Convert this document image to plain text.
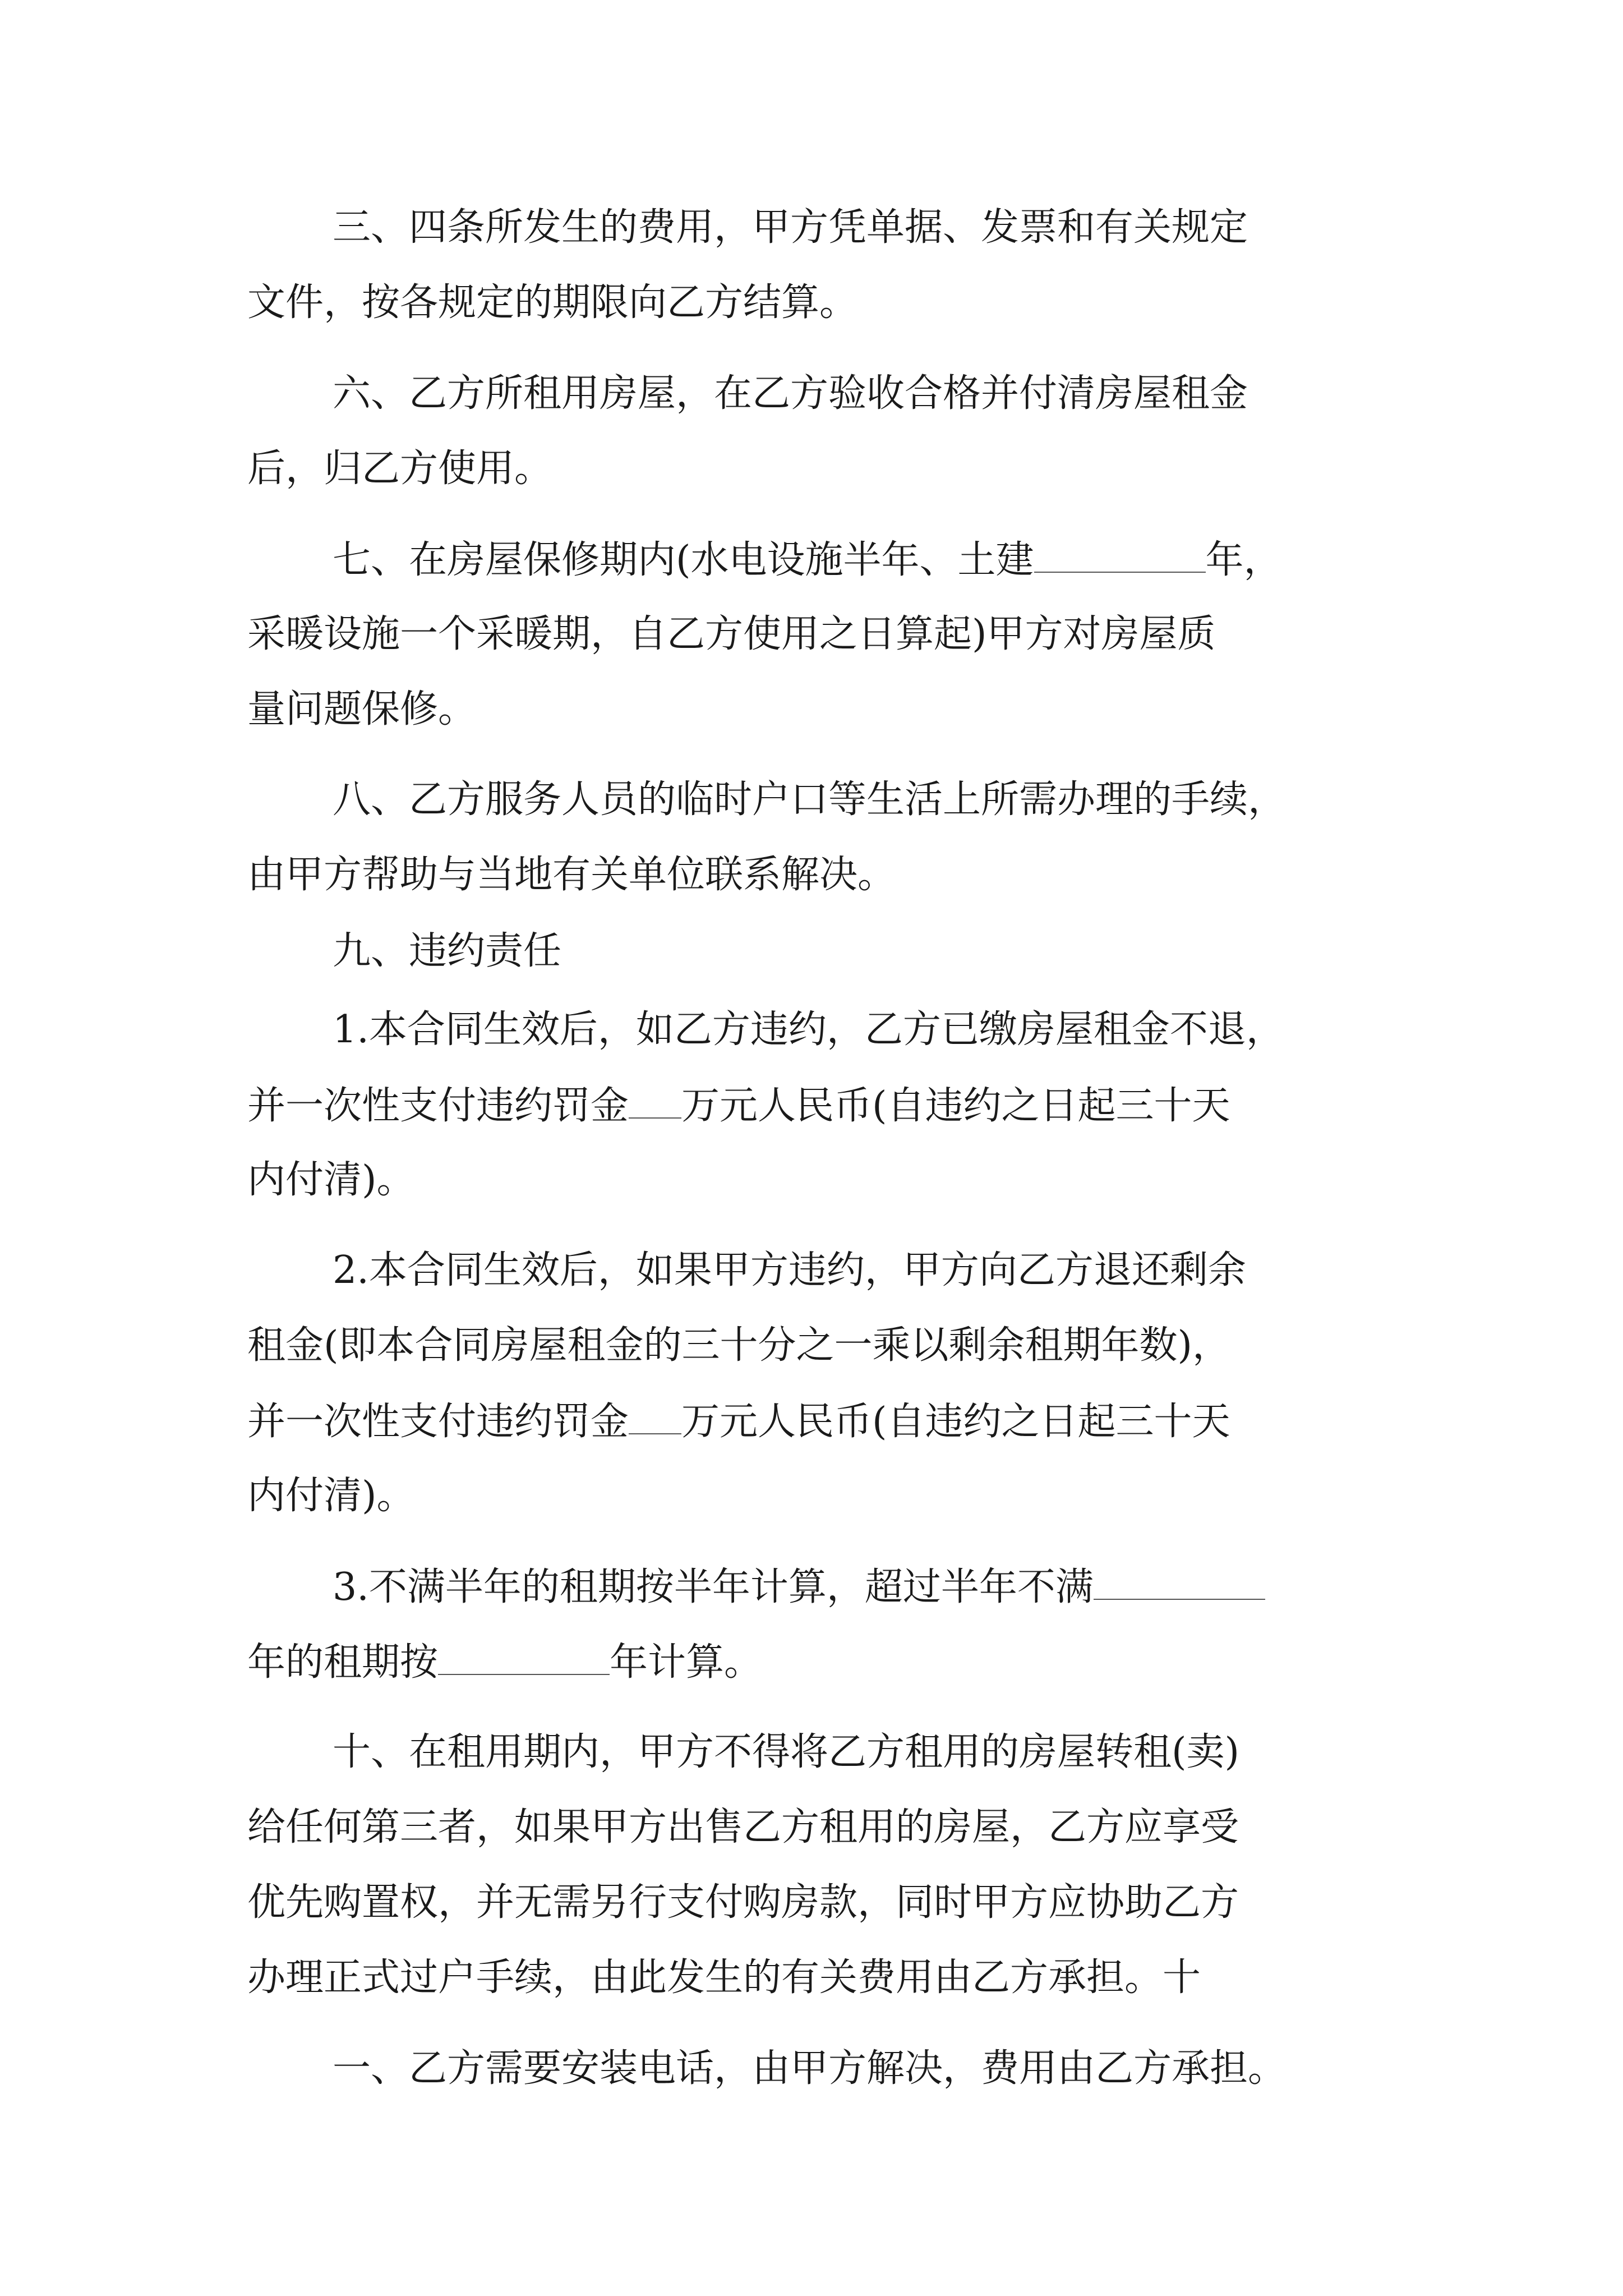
三、四条所发生的费用，甲方凭单据、发票和有关规定
文件，按各规定的期限向乙方结算。
六、乙方所租用房屋，在乙方验收合格并付清房屋租金
后，归乙方使用。
七、在房屋保修期内(水电设施半年、土建	年，
采暖设施一个采暖期，自乙方使用之日算起)甲方对房屋质
量问题保修。
八、乙方服务人员的临时户口等生活上所需办理的手续，
由甲方帮助与当地有关单位联系解决。
九、违约责任
1.本合同生效后，如乙方违约，乙方已缴房屋租金不退，
并一次性支付违约罚金 万元人民币(自违约之日起三十天
内付清)。
2.本合同生效后，如果甲方违约，甲方向乙方退还剩余
租金(即本合同房屋租金的三十分之一乘以剩余租期年数)，
并一次性支付违约罚金 万元人民币(自违约之日起三十天
内付清)。
3.不满半年的租期按半年计算，超过半年不满
年的租期按	年计算。
十、在租用期内，甲方不得将乙方租用的房屋转租(卖)
给任何第三者，如果甲方出售乙方租用的房屋，乙方应享受
优先购置权，并无需另行支付购房款，同时甲方应协助乙方
办理正式过户手续，由此发生的有关费用由乙方承担。十
一、乙方需要安装电话，由甲方解决，费用由乙方承担。
